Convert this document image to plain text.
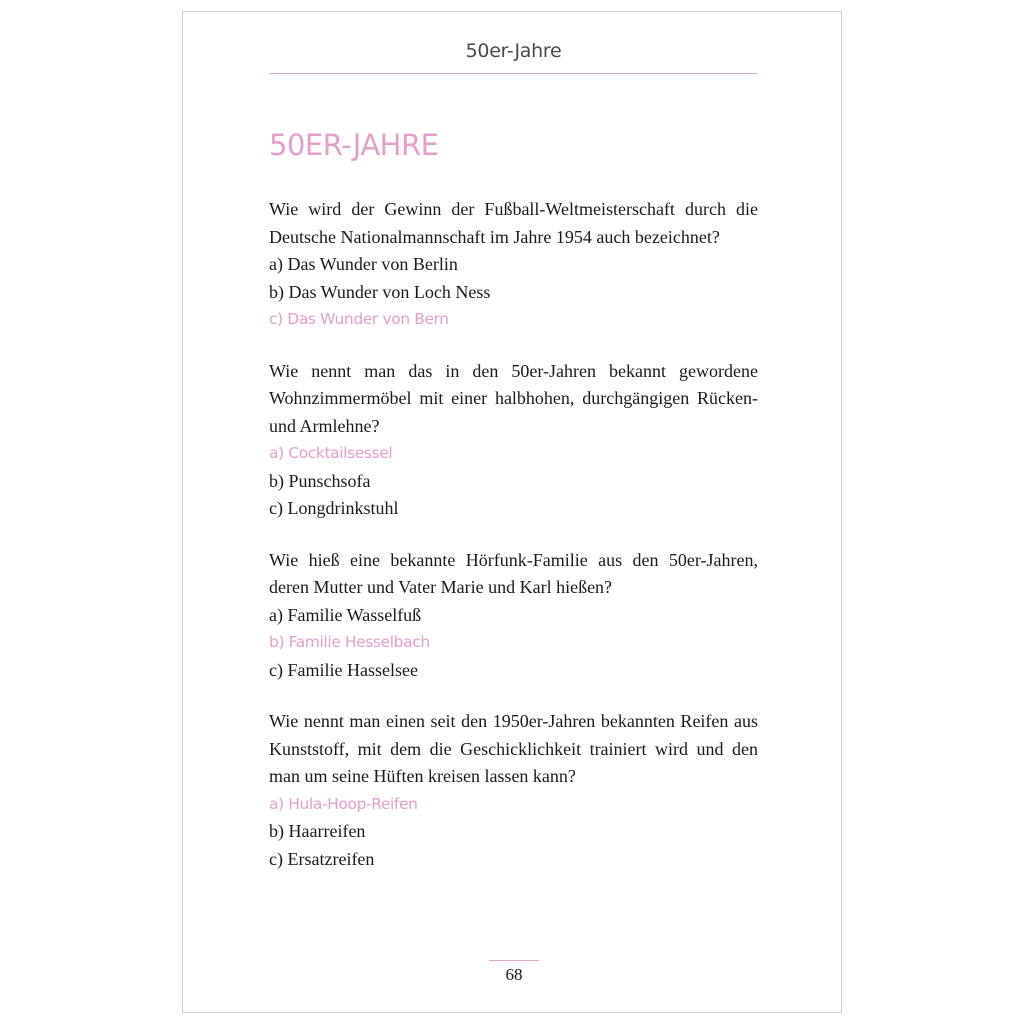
50er-Jahre
50ER-JAHRE

Wie wird der Gewinn der Fußball-Weltmeisterschaft durch die Deutsche Nationalmannschaft im Jahre 1954 auch bezeichnet?

a) Das Wunder von Berlin

b) Das Wunder von Loch Ness

c) Das Wunder von Bern

Wie nennt man das in den 50er-Jahren bekannt gewordene Wohnzimmermöbel mit einer halbhohen, durchgängigen Rücken- und Armlehne?

a) Cocktailsessel

b) Punschsofa

c) Longdrinkstuhl

Wie hieß eine bekannte Hörfunk-Familie aus den 50er-Jahren, deren Mutter und Vater Marie und Karl hießen?

a) Familie Wasselfuß

b) Familie Hesselbach

c) Familie Hasselsee

Wie nennt man einen seit den 1950er-Jahren bekannten Reifen aus Kunststoff, mit dem die Geschicklichkeit trainiert wird und den man um seine Hüften kreisen lassen kann?

a) Hula-Hoop-Reifen

b) Haarreifen

c) Ersatzreifen

68
